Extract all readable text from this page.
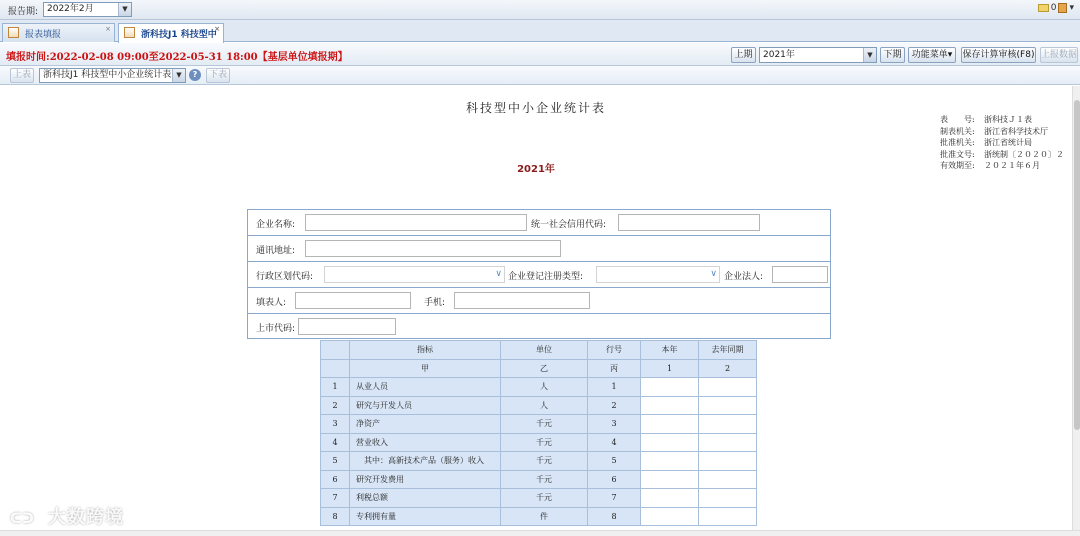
报告期: 2022年2月	▼	0 ▾
报表填报
×
浙科技J1 科技型中
×
填报时间:2022-02-08 09:00至2022-05-31 18:00【基层单位填报期】	上期	2021年	▼	下期	功能菜单▾	保存计算审核(F8) 上报数据
上表	浙科技J1 科技型中小企业统计表 ▼	?	下表
科技型中小企业统计表
表　　号: 浙科技Ｊ１表
制表机关: 浙江省科学技术厅
批准机关: 浙江省统计局
批准文号: 浙统制〔２０２０〕２
有效期至: ２０２１年６月
2021年
企业名称:	统一社会信用代码:
通讯地址:
行政区划代码:	∨ 企业登记注册类型:	∨ 企业法人:
填表人:	手机:
上市代码:
	指标	单位	行号	本年	去年同期
	甲	乙	丙	1	2
1	从业人员	人	1		
2	研究与开发人员	人	2		
3	净资产	千元	3		
4	营业收入	千元	4		
5	其中：高新技术产品（服务）收入	千元	5		
6	研究开发费用	千元	6		
7	利税总额	千元	7		
8	专利拥有量	件	8		
ᑕᑐ 大数跨境
